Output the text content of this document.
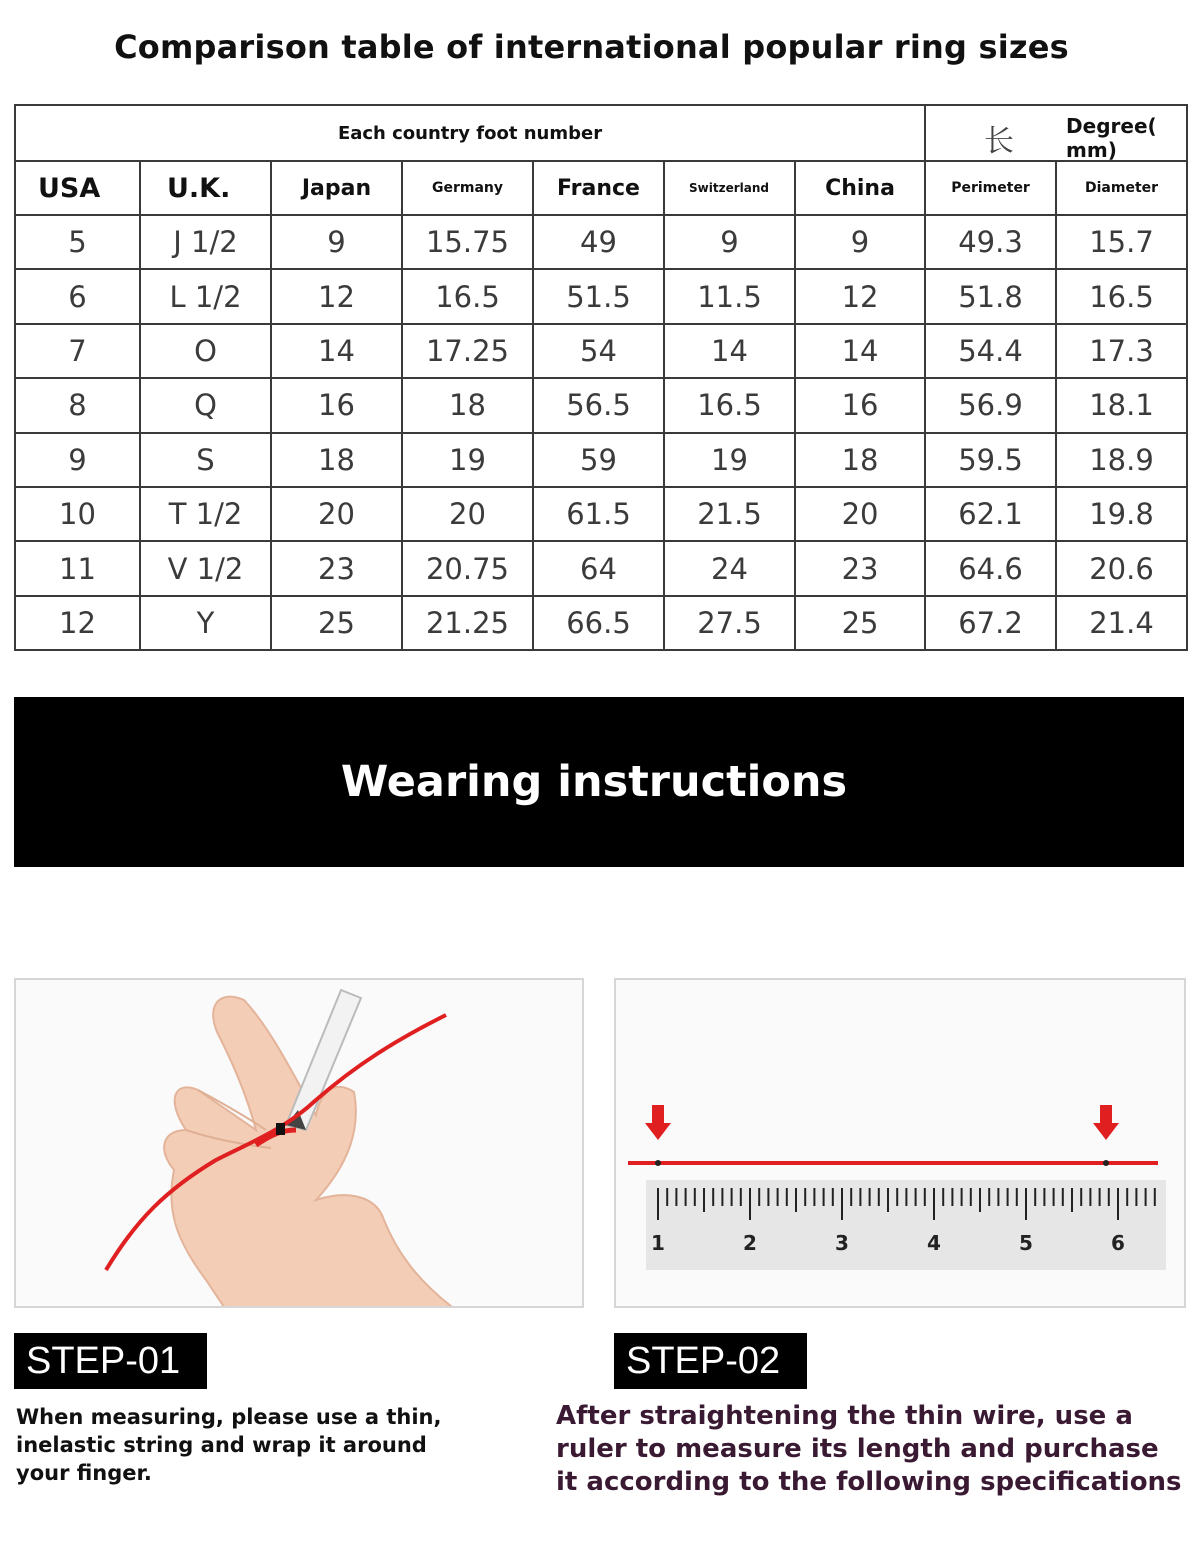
Comparison table of international popular ring sizes
Each country foot number							长 Degree( mm)	

USA	U.K.	Japan	Germany	France	Switzerland	China	Perimeter	Diameter
5	J 1/2	9	15.75	49	9	9	49.3	15.7
6	L 1/2	12	16.5	51.5	11.5	12	51.8	16.5
7	O	14	17.25	54	14	14	54.4	17.3
8	Q	16	18	56.5	16.5	16	56.9	18.1
9	S	18	19	59	19	18	59.5	18.9
10	T 1/2	20	20	61.5	21.5	20	62.1	19.8
11	V 1/2	23	20.75	64	24	23	64.6	20.6
12	Y	25	21.25	66.5	27.5	25	67.2	21.4
Wearing instructions
1	2	3	4	5	6
STEP-01	STEP-02
When measuring, please use a thin, inelastic string and wrap it around your finger.
After straightening the thin wire, use a ruler to measure its length and purchase it according to the following specifications
